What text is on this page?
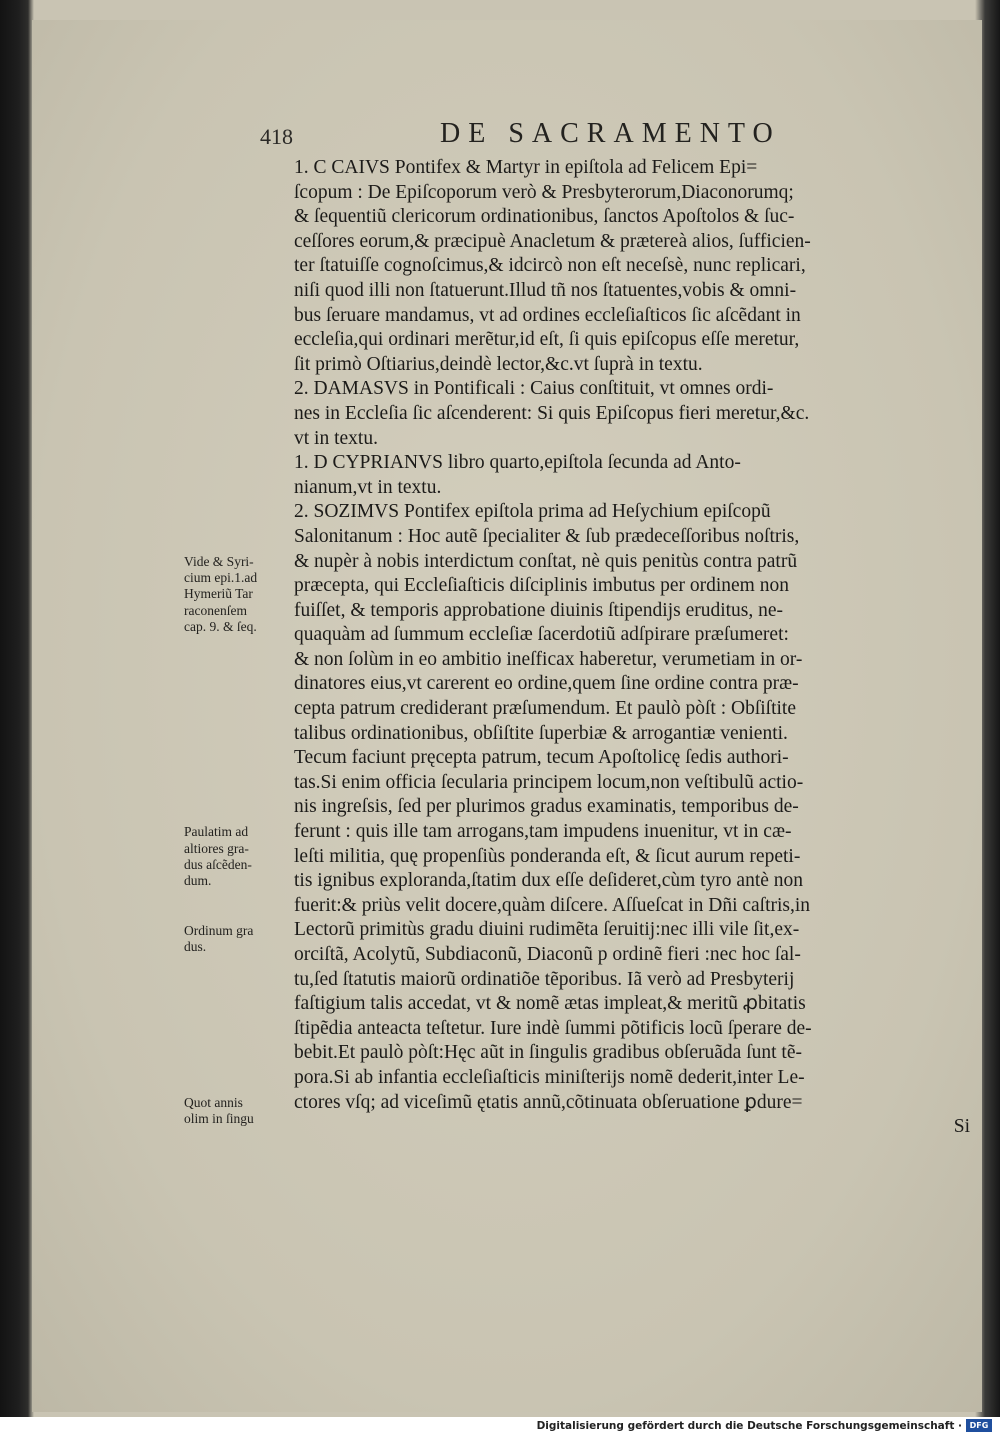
418	DE SACRAMENTO
1. C CAIVS Pontifex & Martyr in epiſtola ad Felicem Epi=
ſcopum : De Epiſcoporum verò & Presbyterorum,Diaconorumq;
& ſequentiũ clericorum ordinationibus, ſanctos Apoſtolos & ſuc-
ceſſores eorum,& præcipuè Anacletum & prætereà alios, ſufficien-
ter ſtatuiſſe cognoſcimus,& idcircò non eſt neceſsè, nunc replicari,
niſi quod illi non ſtatuerunt.Illud tñ nos ſtatuentes,vobis & omni-
bus ſeruare mandamus, vt ad ordines eccleſiaſticos ſic aſcẽdant in
eccleſia,qui ordinari merẽtur,id eſt, ſi quis epiſcopus eſſe meretur,
ſit primò Oſtiarius,deindè lector,&c.vt ſuprà in textu.
2. DAMASVS in Pontificali : Caius conſtituit, vt omnes ordi-
nes in Eccleſia ſic aſcenderent: Si quis Epiſcopus fieri meretur,&c.
vt in textu.
1. D CYPRIANVS libro quarto,epiſtola ſecunda ad Anto-
nianum,vt in textu.
2. SOZIMVS Pontifex epiſtola prima ad Heſychium epiſcopũ
Salonitanum : Hoc autẽ ſpecialiter & ſub prædeceſſoribus noſtris,
& nupèr à nobis interdictum conſtat, nè quis penitùs contra patrũ
præcepta, qui Eccleſiaſticis diſciplinis imbutus per ordinem non
fuiſſet, & temporis approbatione diuinis ſtipendijs eruditus, ne-
quaquàm ad ſummum eccleſiæ ſacerdotiũ adſpirare præſumeret:
& non ſolùm in eo ambitio ineſficax haberetur, verumetiam in or-
dinatores eius,vt carerent eo ordine,quem ſine ordine contra præ-
cepta patrum crediderant præſumendum. Et paulò pòſt : Obſiſtite
talibus ordinationibus, obſiſtite ſuperbiæ & arrogantiæ venienti.
Tecum faciunt pręcepta patrum, tecum Apoſtolicę ſedis authori-
tas.Si enim officia ſecularia principem locum,non veſtibulũ actio-
nis ingreſsis, ſed per plurimos gradus examinatis, temporibus de-
ferunt : quis ille tam arrogans,tam impudens inuenitur, vt in cæ-
leſti militia, quę propenſiùs ponderanda eſt, & ſicut aurum repeti-
tis ignibus exploranda,ſtatim dux eſſe deſideret,cùm tyro antè non
fuerit:& priùs velit docere,quàm diſcere. Aſſueſcat in Dñi caſtris,in
Lectorũ primitùs gradu diuini rudimẽta ſeruitij:nec illi vile ſit,ex-
orciſtã, Acolytũ, Subdiaconũ, Diaconũ p ordinẽ fieri :nec hoc ſal-
tu,ſed ſtatutis maiorũ ordinatiõe tẽporibus. Iã verò ad Presbyterij
faſtigium talis accedat, vt & nomẽ ætas impleat,& meritũ ꝓbitatis
ſtipẽdia anteacta teſtetur. Iure indè ſummi põtificis locũ ſperare de-
bebit.Et paulò pòſt:Hęc aũt in ſingulis gradibus obſeruãda ſunt tẽ-
pora.Si ab infantia eccleſiaſticis miniſterijs nomẽ dederit,inter Le-
ctores vſq; ad viceſimũ ętatis annũ,cõtinuata obſeruatione ꝑdure=
Si
Vide & Syri-
cium epi.1.ad
Hymeriũ Tar
raconenſem
cap. 9. & ſeq.
Paulatim ad
altiores gra-
dus aſcẽden-
dum.
Ordinum gra
dus.
Quot annis
olim in ſingu
Digitalisierung gefördert durch die Deutsche Forschungsgemeinschaft · DFG
